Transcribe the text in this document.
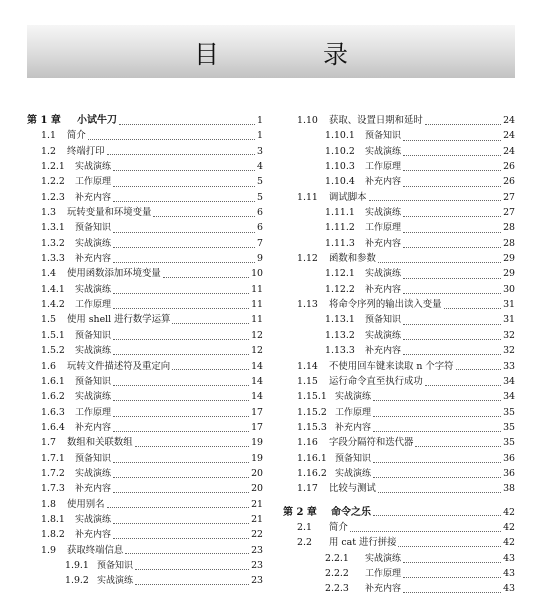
目 录
第 1 章 小试牛刀	1
1.1 简介	1
1.2 终端打印	3
1.2.1 实战演练	4
1.2.2 工作原理	5
1.2.3 补充内容	5
1.3 玩转变量和环境变量	6
1.3.1 预备知识	6
1.3.2 实战演练	7
1.3.3 补充内容	9
1.4 使用函数添加环境变量	10
1.4.1 实战演练	11
1.4.2 工作原理	11
1.5 使用 shell 进行数学运算	11
1.5.1 预备知识	12
1.5.2 实战演练	12
1.6 玩转文件描述符及重定向	14
1.6.1 预备知识	14
1.6.2 实战演练	14
1.6.3 工作原理	17
1.6.4 补充内容	17
1.7 数组和关联数组	19
1.7.1 预备知识	19
1.7.2 实战演练	20
1.7.3 补充内容	20
1.8 使用别名	21
1.8.1 实战演练	21
1.8.2 补充内容	22
1.9 获取终端信息	23
1.9.1 预备知识	23
1.9.2 实战演练	23
1.10 获取、设置日期和延时	24
1.10.1 预备知识	24
1.10.2 实战演练	24
1.10.3 工作原理	26
1.10.4 补充内容	26
1.11 调试脚本	27
1.11.1 实战演练	27
1.11.2 工作原理	28
1.11.3 补充内容	28
1.12 函数和参数	29
1.12.1 实战演练	29
1.12.2 补充内容	30
1.13 将命令序列的输出读入变量	31
1.13.1 预备知识	31
1.13.2 实战演练	32
1.13.3 补充内容	32
1.14 不使用回车键来读取 n 个字符	33
1.15 运行命令直至执行成功	34
1.15.1 实战演练	34
1.15.2 工作原理	35
1.15.3 补充内容	35
1.16 字段分隔符和迭代器	35
1.16.1 预备知识	36
1.16.2 实战演练	36
1.17 比较与测试	38
第 2 章 命令之乐	42
2.1 简介	42
2.2 用 cat 进行拼接	42
2.2.1 实战演练	43
2.2.2 工作原理	43
2.2.3 补充内容	43
